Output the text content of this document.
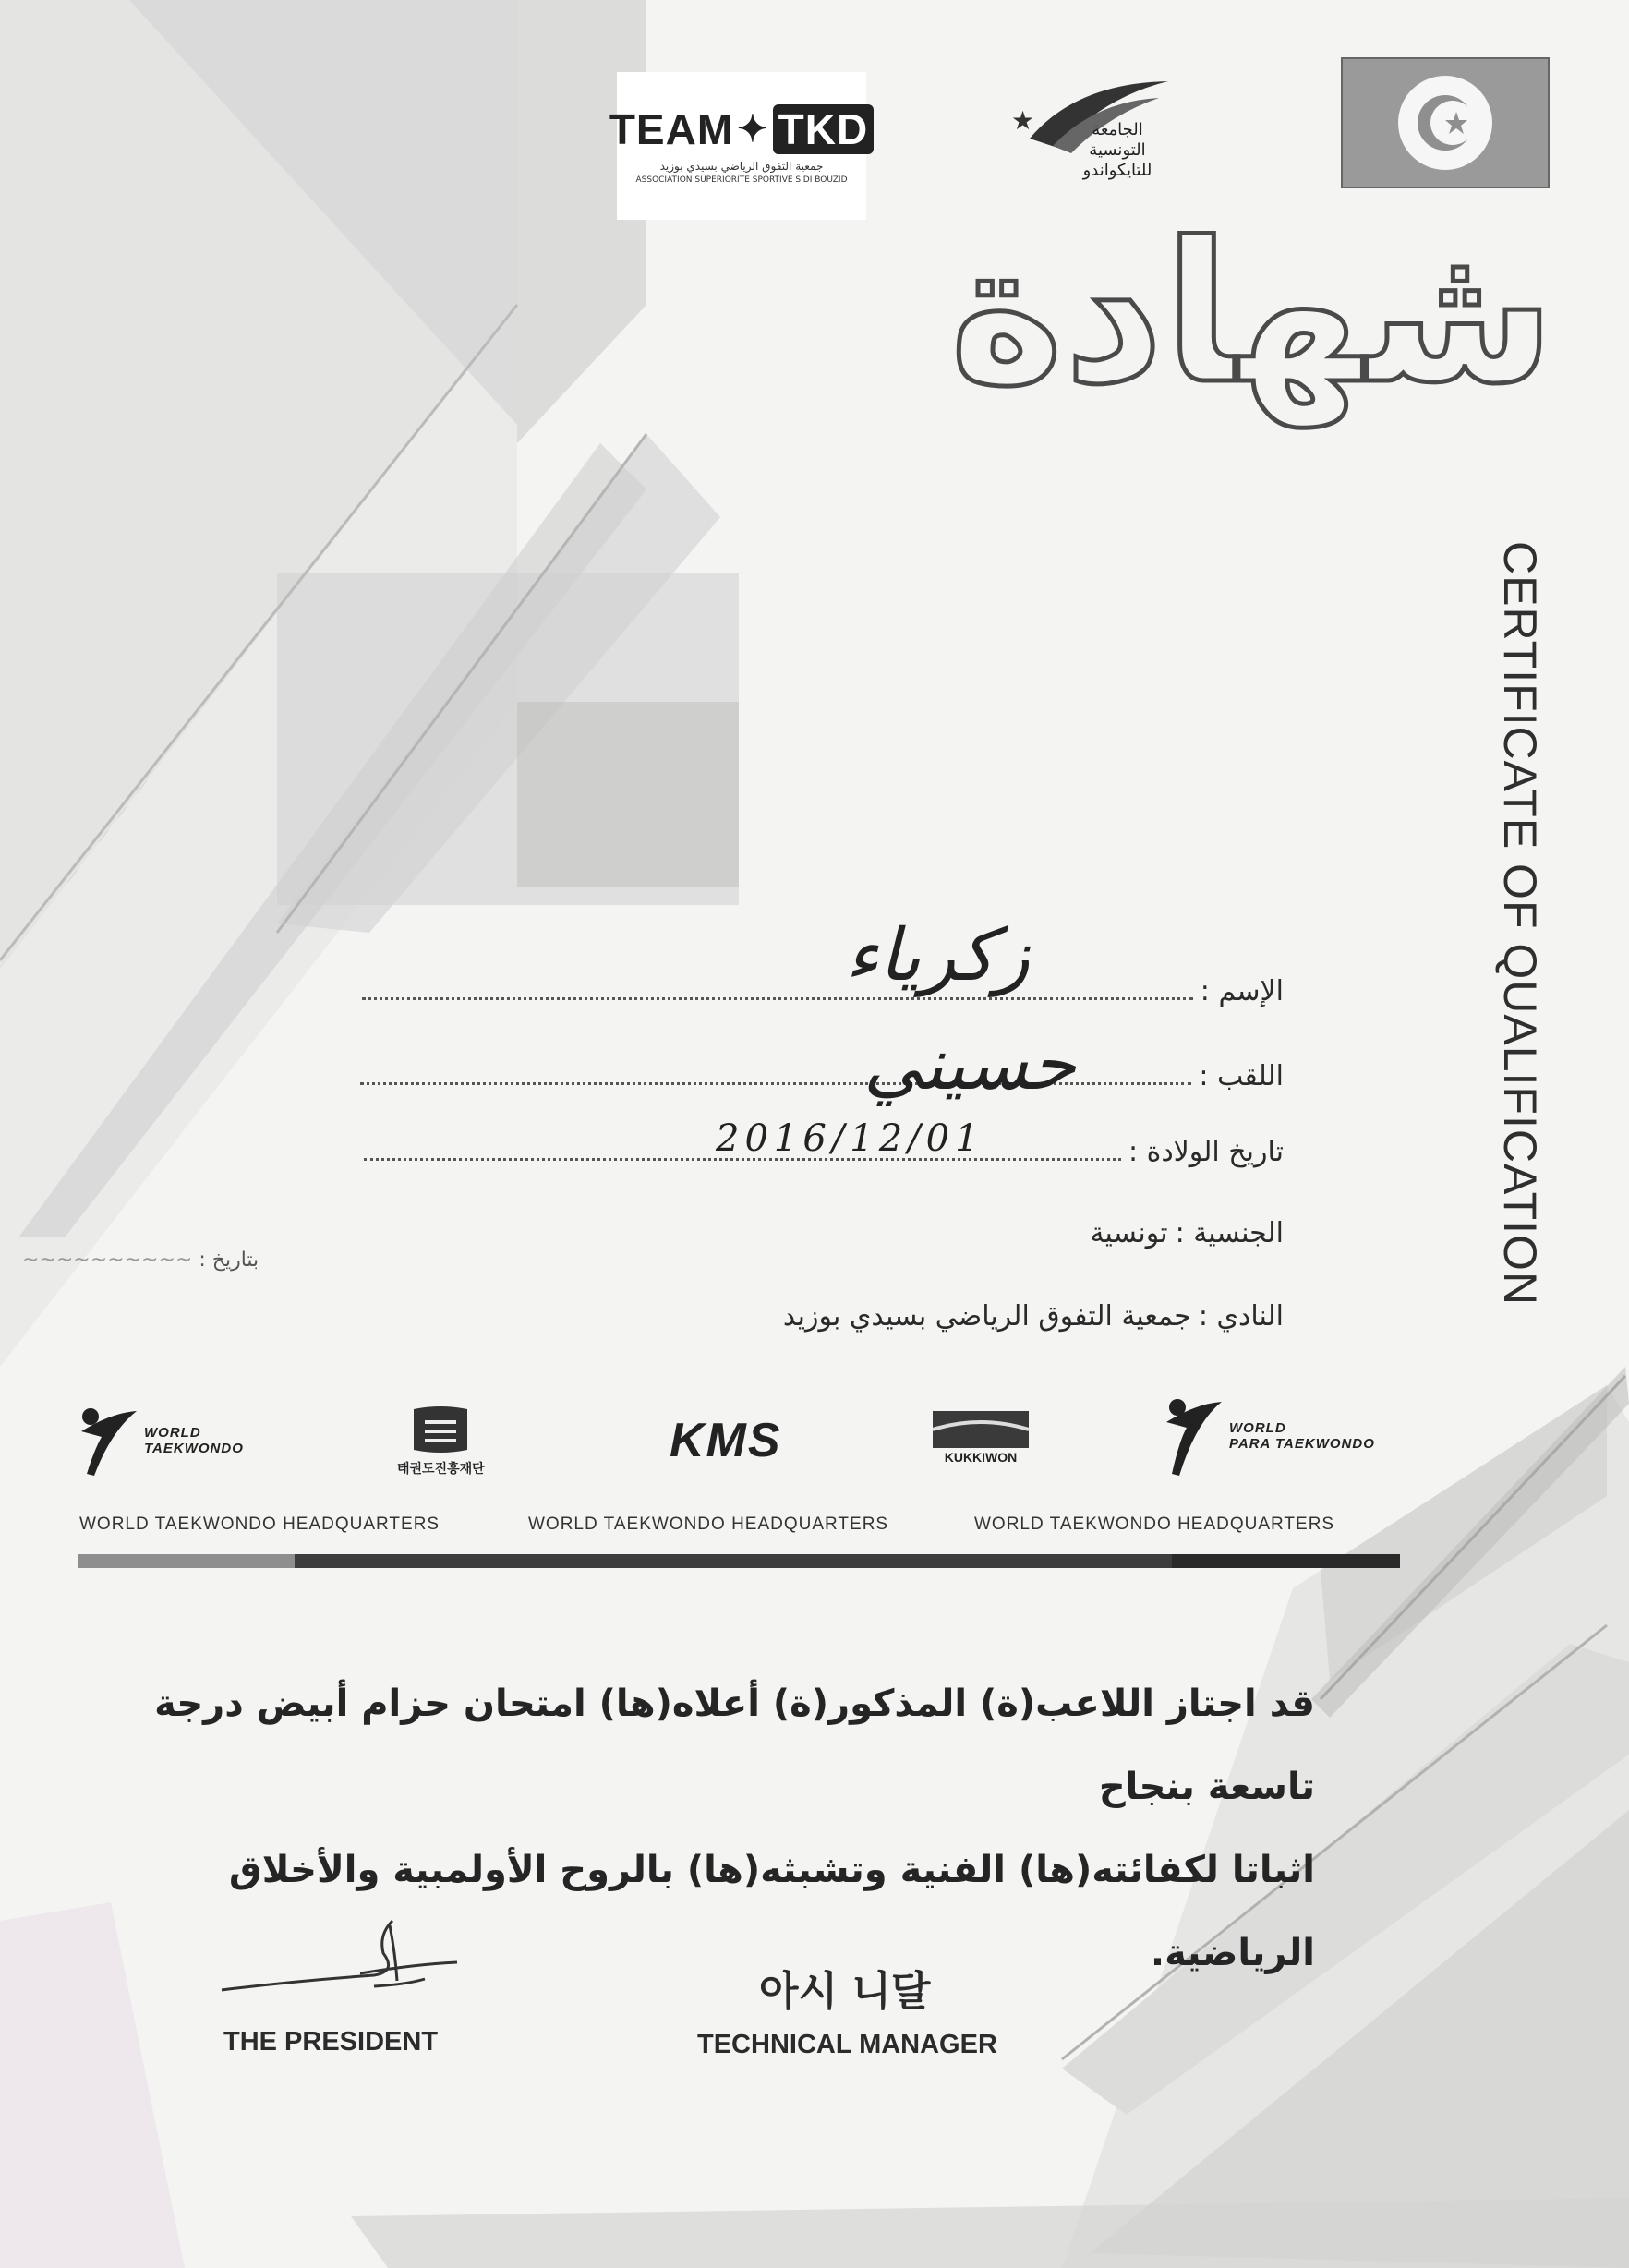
TEAM ✦ TKD
جمعية التفوق الرياضي بسيدي بوزيد
ASSOCIATION SUPERIORITE SPORTIVE SIDI BOUZID
★	الجامعة
التونسية
للتايكواندو
شهادة
CERTIFICATE OF QUALIFICATION
الإسم :
زكرياء
اللقب :
حسيني
تاريخ الولادة :
2016/12/01
الجنسية :
تونسية
النادي :
جمعية التفوق الرياضي بسيدي بوزيد
بتاريخ : ~~~~~~~~~~
WORLD
TAEKWONDO
태권도진흥재단
KMS	KUKKIWON
WORLD
PARA TAEKWONDO
WORLD TAEKWONDO HEADQUARTERS	WORLD TAEKWONDO HEADQUARTERS	WORLD TAEKWONDO HEADQUARTERS
قد اجتاز اللاعب(ة) المذكور(ة) أعلاه(ها) امتحان حزام أبيض درجة تاسعة بنجاح
اثباتا لكفائته(ها) الفنية وتشبثه(ها) بالروح الأولمبية والأخلاق الرياضية.
THE PRESIDENT
아시 니달
TECHNICAL MANAGER
